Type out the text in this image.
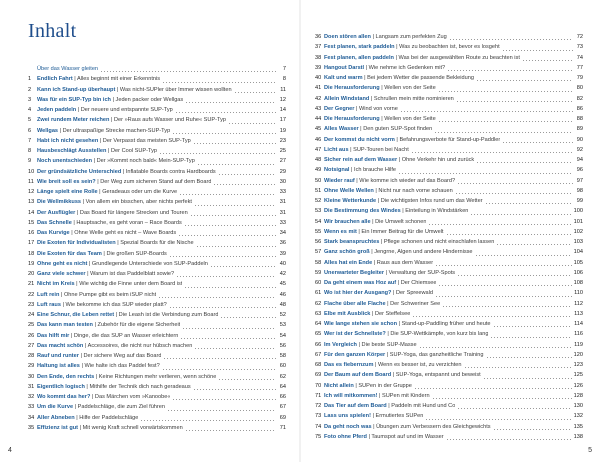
Inhalt
Über das Wasser gleiten	7
1	Endlich Fahrt | Alles beginnt mit einer Erkenntnis	8
2	Kann ich Stand-up überhaupt | Was nicht-SUPler über Immer wissen wollten	11
3	Was für ein SUP-Typ bin ich | Jeden packer oder Wellgas	12
4	Jeden paddeln | Der neuere und entspannte SUP-Typ	14
5	Zwei rundem Meter reichen | Der »Raus aufs Wasser und Ruhe« SUP-Typ	17
6	Wellgas | Der ultraspaßige Strecke machen-SUP-Typ	19
7	Habt ich nicht gesehen | Der Verpasst das meisten SUP-Typ	23
8	Hausbeschlägt Ausstellen | Der Cool SUP-Typ	25
9	Noch unentschieden | Der »Kommt noch bald« Mein-SUP-Typ	27
10 Der gründsätzliche Unterschied | Inflatable Boards contra Hardboards	29
11 Wie breit soll es sein? | Der Weg zum sicheren Stand auf dem Board	30
12 Länge spielt eine Rolle | Geradeaus oder um die Kurve	33
13 Die Wellmikkuss | Von allem ein bisschen, aber nichts perfekt	31
14 Der Ausflügler | Das Board für längere Strecken und Touren	31
15 Das Schnelle | Hauptsache, es geht voran – Race Boards	33
16 Das Kurvige | Ohne Welle geht es nicht – Wave Boards	34
17 Die Exoten für Individualisten | Spezial Boards für die Nische	36
18 Die Exoten für das Team | Die großen SUP-Boards	39
19 Ohne geht es nicht | Grundlegende Unterschiede von SUP-Paddeln	40
20 Ganz viele schwer | Warum ist das Paddelblatt sowie?	42
21 Nicht im Kreis | Wie wichtig die Finne unter dem Board ist	45
22 Luft rein | Ohne Pumpe gibt es beim iSUP nicht	46
23 Luft raus | Wie bekomme ich das SUP wieder platt?	48
24 Eine Schnur, die Leben rettet | Die Leash ist die Verbindung zum Board	52
25 Das kann man testen | Zubehör für die eigene Sicherheit	53
26 Das hilft mir | Dinge, die das SUP an Wasser erleichtern	54
27 Das macht schön | Accessoires, die nicht nur hübsch machen	56
28 Rauf und runter | Der sichere Weg auf das Board	58
29 Haltung ist alles | Wie halte ich das Paddel fest?	60
30 Den Ende, den rechts | Keine Richtungen mehr verlieren, wenn schöne	62
31 Eigentlich logisch | Mithilfe der Technik dich nach geradeaus	64
32 Wo kommt das her? | Das Märchen vom »Kanoobe«	66
33 Um die Kurve | Paddelschläge, die zum Ziel führen	67
34 Aller Abneben | Hilfe der Paddelschläge	69
35 Effizienz ist gut | Mit wenig Kraft schnell vorwärtskommen	71
4
36 Doen stören allen | Langsam zum perfekten Zug	72
37 Fest planen, stark paddeln | Was zu beobachten ist, bevor es losgeht	73
38 Fest planen, allen paddeln | Was bei der ausgewählten Route zu beachten ist	74
39 Hangout Darstl | Wie nehme ich Gedenken mit?	77
40 Kalt und warm | Bei jedem Wetter die passende Bekleidung	79
41 Die Herausforderung | Wellen von der Seite	80
42 Allein Windstand | Schrullen mein mitte nominieren	82
43 Der Gegner | Wind von vorne	86
44 Die Herausforderung | Wellen von der Seite	88
45 Alles Wasser | Den guten SUP-Spot finden	89
46 Der kommst du nicht vorm | Befahrungsverbote für Stand-up-Paddler	90
47 Licht aus | SUP-Touren bei Nacht	92
48 Sicher rein auf dem Wasser | Ohne Verkehr hin und zurück	94
49 Notsignal | Ich brauche Hilfe	96
50 Wieder rauf | Wie komme ich wieder auf das Board?	97
51 Ohne Welle Wellen | Nicht nur nach vorne schauen	98
52 Kleine Wetterkunde | Die wichtigsten Infos rund um das Wetter	99
53 Die Bestimmung des Windes | Einteilung in Windstärken	100
54 Wir brauchen alle | Die Umwelt schonen	101
55 Wenn es mit | Ein Immer Beitrag für die Umwelt	102
56 Stark beanspruchtes | Pflege schonen und nicht einschlafen lassen	103
57 Ganz schön groß | Jengrne, Algen und andere Hindernisse	104
58 Alles hat ein Ende | Raus aus dem Wasser	105
59 Unerwarteter Begleiter | Verwaltung der SUP-Spots	106
60 Da geht einem was Hoz auf | Der Chiemsee	108
61 Wo ist hier der Ausgang? | Der Spreewald	110
62 Flache über alle Flache | Der Schweriner See	112
63 Elbe mit Ausblick | Der Steffelsee	113
64 Wie lange stehen sie schon | Stand-up-Paddling früher und heute	114
65 Wer ist der Schnellste? | Die SUP-Wettkämpfe, von kurz bis lang	116
66 Im Vergleich | Die beste SUP-Masse	119
67 Für den ganzen Körper | SUP-Yoga, das ganzheitliche Training	120
68 Das es fiebernzum | Wenn es besser ist, zu verzichten	123
69 Der Baum auf dem Board | SUP-Yoga, entspannt und beweist	125
70 Nicht allein | SUPen in der Gruppe	126
71 Ich will mitkommen! | SUPen mit Kindern	128
72 Das Tier auf dem Board | Paddeln mit Hund und Co	130
73 Lass uns spielen! | Ermutiertes SUPen	132
74 Da geht noch was | Übungen zum Verbessern des Gleichgewichts	135
75 Foto ohne Pferd | Taumspot auf und im Wasser	138
5
